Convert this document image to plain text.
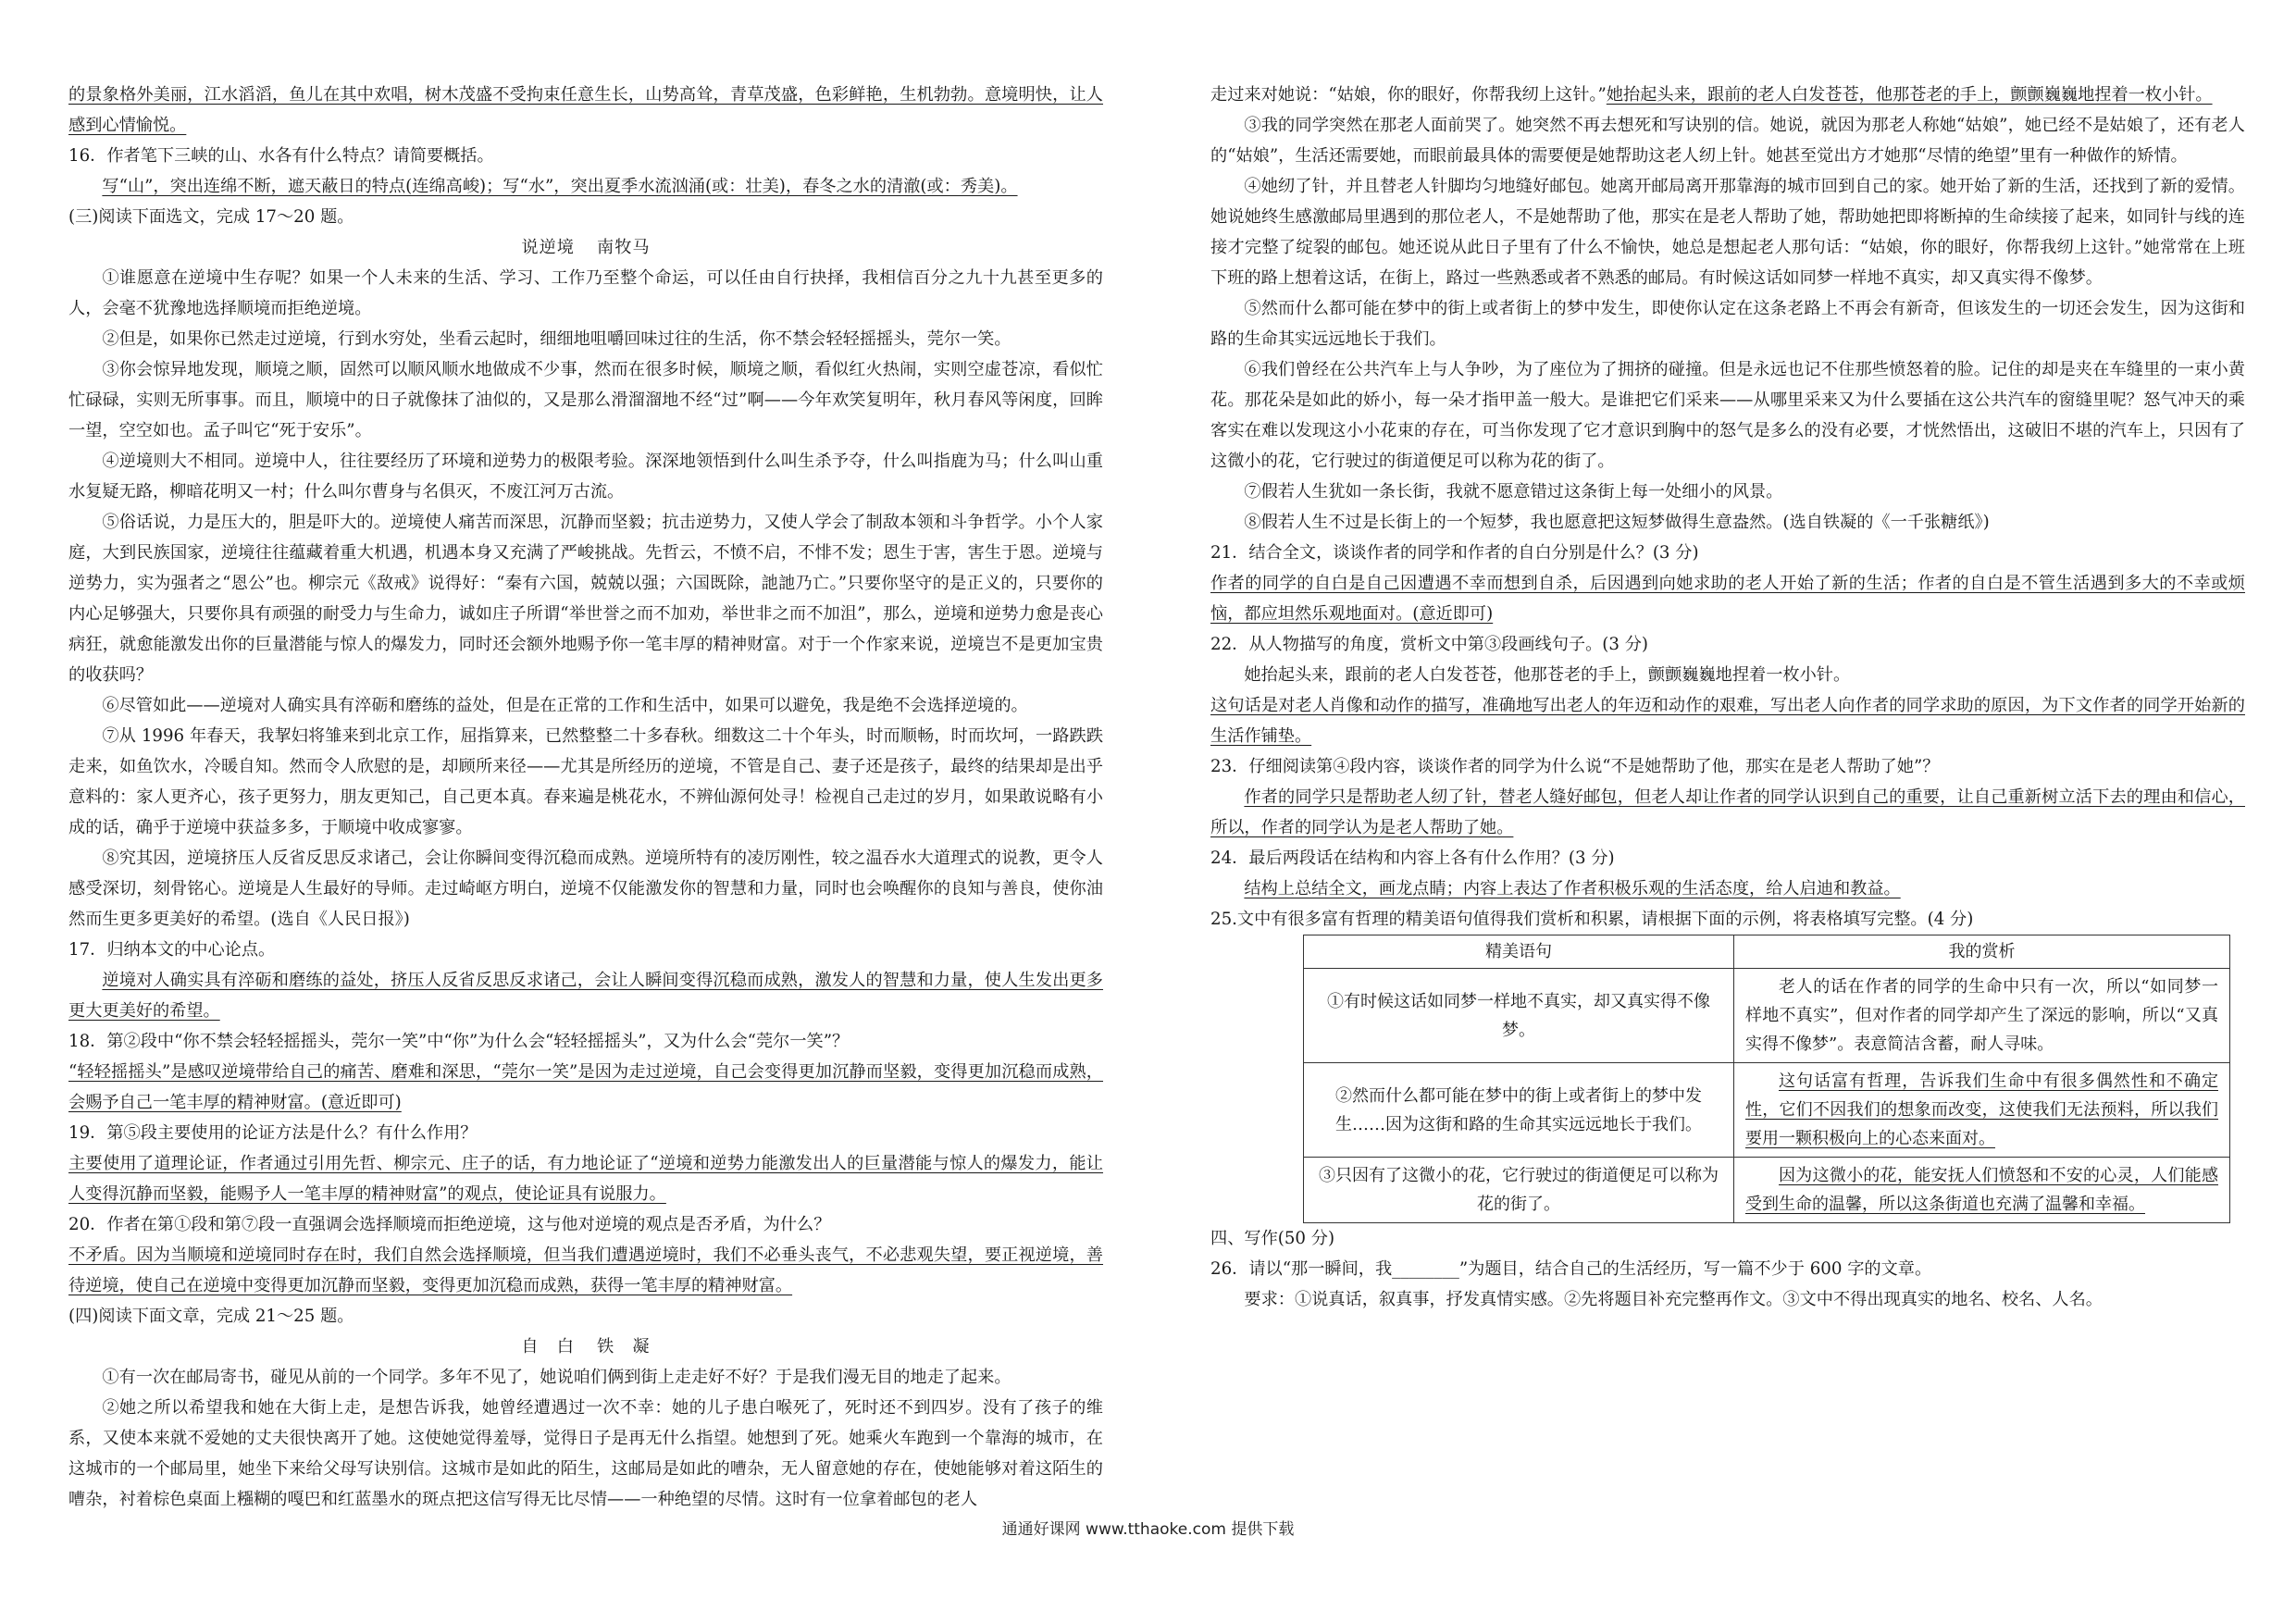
的景象格外美丽，江水滔滔，鱼儿在其中欢唱，树木茂盛不受拘束任意生长，山势高耸，青草茂盛，色彩鲜艳，生机勃勃。意境明快，让人感到心情愉悦。

16．作者笔下三峡的山、水各有什么特点？请简要概括。

写“山”，突出连绵不断，遮天蔽日的特点(连绵高峻)；写“水”，突出夏季水流汹涌(或：壮美)，春冬之水的清澈(或：秀美)。

(三)阅读下面选文，完成 17～20 题。

说逆境 南牧马

①谁愿意在逆境中生存呢？如果一个人未来的生活、学习、工作乃至整个命运，可以任由自行抉择，我相信百分之九十九甚至更多的人，会毫不犹豫地选择顺境而拒绝逆境。

②但是，如果你已然走过逆境，行到水穷处，坐看云起时，细细地咀嚼回味过往的生活，你不禁会轻轻摇摇头，莞尔一笑。

③你会惊异地发现，顺境之顺，固然可以顺风顺水地做成不少事，然而在很多时候，顺境之顺，看似红火热闹，实则空虚苍凉，看似忙忙碌碌，实则无所事事。而且，顺境中的日子就像抹了油似的，又是那么滑溜溜地不经“过”啊——今年欢笑复明年，秋月春风等闲度，回眸一望，空空如也。孟子叫它“死于安乐”。

④逆境则大不相同。逆境中人，往往要经历了环境和逆势力的极限考验。深深地领悟到什么叫生杀予夺，什么叫指鹿为马；什么叫山重水复疑无路，柳暗花明又一村；什么叫尔曹身与名俱灭，不废江河万古流。

⑤俗话说，力是压大的，胆是吓大的。逆境使人痛苦而深思，沉静而坚毅；抗击逆势力，又使人学会了制敌本领和斗争哲学。小个人家庭，大到民族国家，逆境往往蕴藏着重大机遇，机遇本身又充满了严峻挑战。先哲云，不愤不启，不悱不发；恩生于害，害生于恩。逆境与逆势力，实为强者之“恩公”也。柳宗元《敌戒》说得好：“秦有六国，兢兢以强；六国既除，訑訑乃亡。”只要你坚守的是正义的，只要你的内心足够强大，只要你具有顽强的耐受力与生命力，诚如庄子所谓“举世誉之而不加劝，举世非之而不加沮”，那么，逆境和逆势力愈是丧心病狂，就愈能激发出你的巨量潜能与惊人的爆发力，同时还会额外地赐予你一笔丰厚的精神财富。对于一个作家来说，逆境岂不是更加宝贵的收获吗？

⑥尽管如此——逆境对人确实具有淬砺和磨练的益处，但是在正常的工作和生活中，如果可以避免，我是绝不会选择逆境的。

⑦从 1996 年春天，我挈妇将雏来到北京工作，屈指算来，已然整整二十多春秋。细数这二十个年头，时而顺畅，时而坎坷，一路跌跌走来，如鱼饮水，冷暖自知。然而令人欣慰的是，却顾所来径——尤其是所经历的逆境，不管是自己、妻子还是孩子，最终的结果却是出乎意料的：家人更齐心，孩子更努力，朋友更知己，自己更本真。春来遍是桃花水，不辨仙源何处寻！检视自己走过的岁月，如果敢说略有小成的话，确乎于逆境中获益多多，于顺境中收成寥寥。

⑧究其因，逆境挤压人反省反思反求诸己，会让你瞬间变得沉稳而成熟。逆境所特有的凌厉刚性，较之温吞水大道理式的说教，更令人感受深切，刻骨铭心。逆境是人生最好的导师。走过崎岖方明白，逆境不仅能激发你的智慧和力量，同时也会唤醒你的良知与善良，使你油然而生更多更美好的希望。(选自《人民日报》)

17．归纳本文的中心论点。

逆境对人确实具有淬砺和磨练的益处，挤压人反省反思反求诸己，会让人瞬间变得沉稳而成熟，激发人的智慧和力量，使人生发出更多更大更美好的希望。

18．第②段中“你不禁会轻轻摇摇头，莞尔一笑”中“你”为什么会“轻轻摇摇头”，又为什么会“莞尔一笑”？

“轻轻摇摇头”是感叹逆境带给自己的痛苦、磨难和深思，“莞尔一笑”是因为走过逆境，自己会变得更加沉静而坚毅，变得更加沉稳而成熟，会赐予自己一笔丰厚的精神财富。(意近即可)

19．第⑤段主要使用的论证方法是什么？有什么作用？

主要使用了道理论证，作者通过引用先哲、柳宗元、庄子的话，有力地论证了“逆境和逆势力能激发出人的巨量潜能与惊人的爆发力，能让人变得沉静而坚毅，能赐予人一笔丰厚的精神财富”的观点，使论证具有说服力。

20．作者在第①段和第⑦段一直强调会选择顺境而拒绝逆境，这与他对逆境的观点是否矛盾，为什么？

不矛盾。因为当顺境和逆境同时存在时，我们自然会选择顺境，但当我们遭遇逆境时，我们不必垂头丧气，不必悲观失望，要正视逆境，善待逆境，使自己在逆境中变得更加沉静而坚毅，变得更加沉稳而成熟，获得一笔丰厚的精神财富。

(四)阅读下面文章，完成 21～25 题。

自　白 铁　凝

①有一次在邮局寄书，碰见从前的一个同学。多年不见了，她说咱们俩到街上走走好不好？于是我们漫无目的地走了起来。

②她之所以希望我和她在大街上走，是想告诉我，她曾经遭遇过一次不幸：她的儿子患白喉死了，死时还不到四岁。没有了孩子的维系，又使本来就不爱她的丈夫很快离开了她。这使她觉得羞辱，觉得日子是再无什么指望。她想到了死。她乘火车跑到一个靠海的城市，在这城市的一个邮局里，她坐下来给父母写诀别信。这城市是如此的陌生，这邮局是如此的嘈杂，无人留意她的存在，使她能够对着这陌生的嘈杂，衬着棕色桌面上糨糊的嘎巴和红蓝墨水的斑点把这信写得无比尽情——一种绝望的尽情。这时有一位拿着邮包的老人

走过来对她说：“姑娘，你的眼好，你帮我纫上这针。”她抬起头来，跟前的老人白发苍苍，他那苍老的手上，颤颤巍巍地捏着一枚小针。

③我的同学突然在那老人面前哭了。她突然不再去想死和写诀别的信。她说，就因为那老人称她“姑娘”，她已经不是姑娘了，还有老人的“姑娘”，生活还需要她，而眼前最具体的需要便是她帮助这老人纫上针。她甚至觉出方才她那“尽情的绝望”里有一种做作的矫情。

④她纫了针，并且替老人针脚均匀地缝好邮包。她离开邮局离开那靠海的城市回到自己的家。她开始了新的生活，还找到了新的爱情。她说她终生感激邮局里遇到的那位老人，不是她帮助了他，那实在是老人帮助了她，帮助她把即将断掉的生命续接了起来，如同针与线的连接才完整了绽裂的邮包。她还说从此日子里有了什么不愉快，她总是想起老人那句话：“姑娘，你的眼好，你帮我纫上这针。”她常常在上班下班的路上想着这话，在街上，路过一些熟悉或者不熟悉的邮局。有时候这话如同梦一样地不真实，却又真实得不像梦。

⑤然而什么都可能在梦中的街上或者街上的梦中发生，即使你认定在这条老路上不再会有新奇，但该发生的一切还会发生，因为这街和路的生命其实远远地长于我们。

⑥我们曾经在公共汽车上与人争吵，为了座位为了拥挤的碰撞。但是永远也记不住那些愤怒着的脸。记住的却是夹在车缝里的一束小黄花。那花朵是如此的娇小，每一朵才指甲盖一般大。是谁把它们采来——从哪里采来又为什么要插在这公共汽车的窗缝里呢？怒气冲天的乘客实在难以发现这小小花束的存在，可当你发现了它才意识到胸中的怒气是多么的没有必要，才恍然悟出，这破旧不堪的汽车上，只因有了这微小的花，它行驶过的街道便足可以称为花的街了。

⑦假若人生犹如一条长街，我就不愿意错过这条街上每一处细小的风景。

⑧假若人生不过是长街上的一个短梦，我也愿意把这短梦做得生意盎然。(选自铁凝的《一千张糖纸》)

21．结合全文，谈谈作者的同学和作者的自白分别是什么？(3 分)

作者的同学的自白是自己因遭遇不幸而想到自杀，后因遇到向她求助的老人开始了新的生活；作者的自白是不管生活遇到多大的不幸或烦恼，都应坦然乐观地面对。(意近即可)

22．从人物描写的角度，赏析文中第③段画线句子。(3 分)

她抬起头来，跟前的老人白发苍苍，他那苍老的手上，颤颤巍巍地捏着一枚小针。

这句话是对老人肖像和动作的描写，准确地写出老人的年迈和动作的艰难，写出老人向作者的同学求助的原因，为下文作者的同学开始新的生活作铺垫。

23．仔细阅读第④段内容，谈谈作者的同学为什么说“不是她帮助了他，那实在是老人帮助了她”？

作者的同学只是帮助老人纫了针，替老人缝好邮包，但老人却让作者的同学认识到自己的重要，让自己重新树立活下去的理由和信心，所以，作者的同学认为是老人帮助了她。

24．最后两段话在结构和内容上各有什么作用？(3 分)

结构上总结全文，画龙点睛；内容上表达了作者积极乐观的生活态度，给人启迪和教益。

25.文中有很多富有哲理的精美语句值得我们赏析和积累，请根据下面的示例，将表格填写完整。(4 分)

精美语句	我的赏析
①有时候这话如同梦一样地不真实，却又真实得不像梦。	老人的话在作者的同学的生命中只有一次，所以“如同梦一样地不真实”，但对作者的同学却产生了深远的影响，所以“又真实得不像梦”。表意简洁含蓄，耐人寻味。
②然而什么都可能在梦中的街上或者街上的梦中发生……因为这街和路的生命其实远远地长于我们。	这句话富有哲理，告诉我们生命中有很多偶然性和不确定性，它们不因我们的想象而改变，这使我们无法预料，所以我们要用一颗积极向上的心态来面对。
③只因有了这微小的花，它行驶过的街道便足可以称为花的街了。	因为这微小的花，能安抚人们愤怒和不安的心灵，人们能感受到生命的温馨，所以这条街道也充满了温馨和幸福。

四、写作(50 分)

26．请以“那一瞬间，我________”为题目，结合自己的生活经历，写一篇不少于 600 字的文章。

要求：①说真话，叙真事，抒发真情实感。②先将题目补充完整再作文。③文中不得出现真实的地名、校名、人名。

通通好课网 www.tthaoke.com 提供下载
